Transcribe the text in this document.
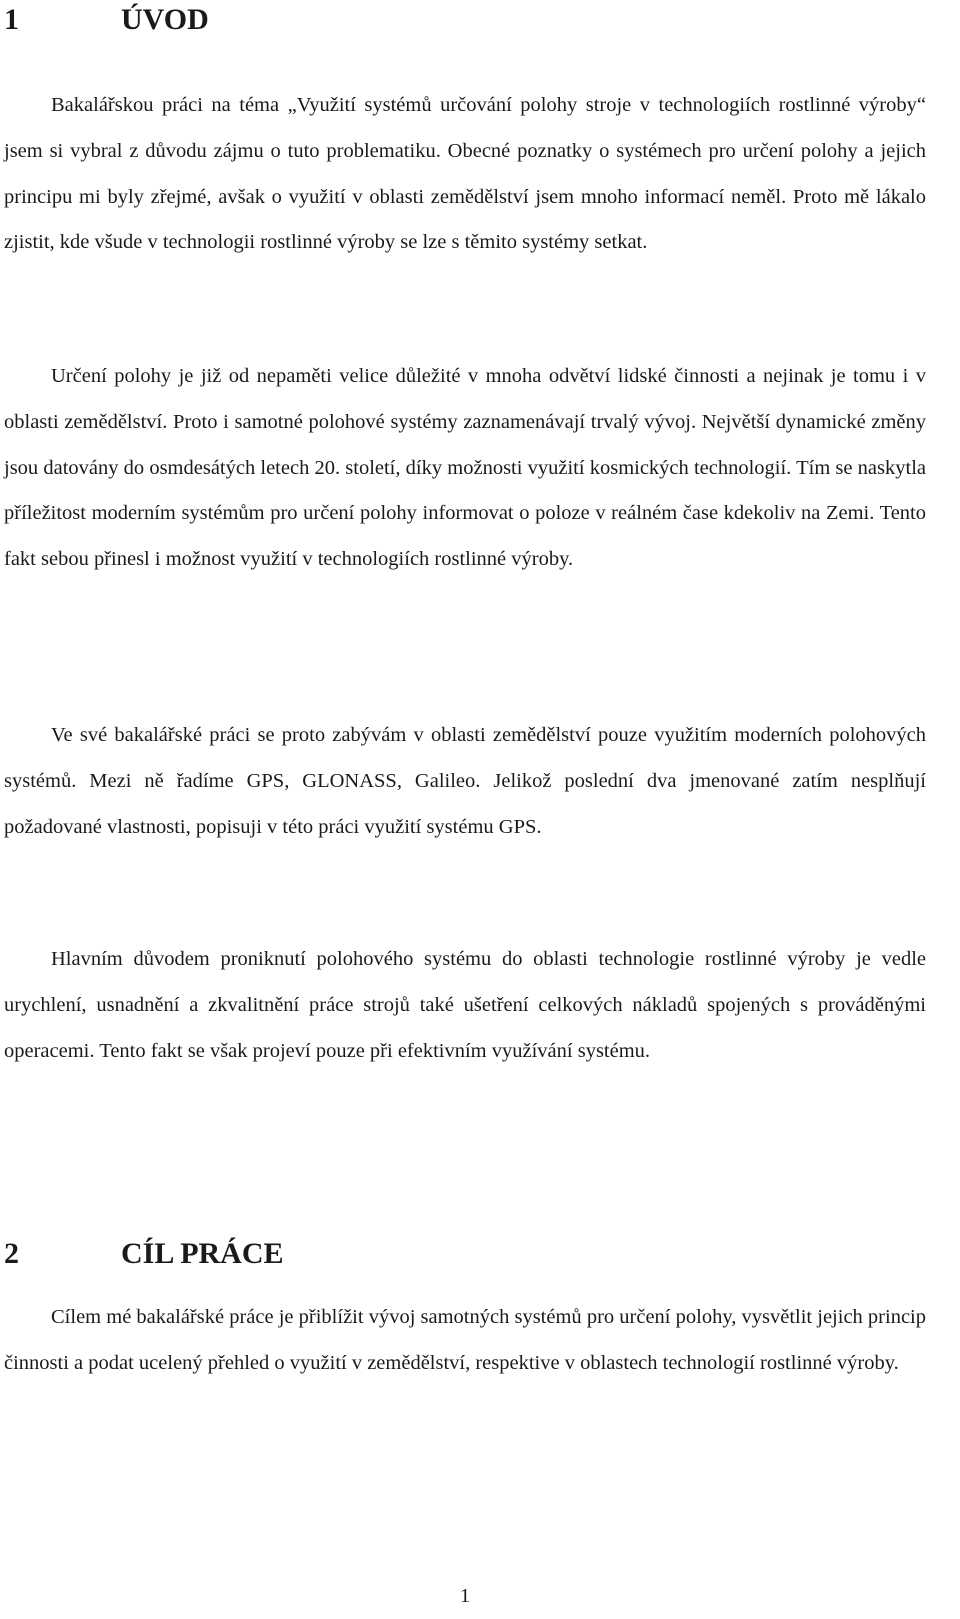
1	ÚVOD

Bakalářskou práci na téma „Využití systémů určování polohy stroje v technologiích rostlinné výroby“ jsem si vybral z důvodu zájmu o tuto problematiku. Obecné poznatky o systémech pro určení polohy a jejich principu mi byly zřejmé, avšak o využití v oblasti zemědělství jsem mnoho informací neměl. Proto mě lákalo zjistit, kde všude v technologii rostlinné výroby se lze s těmito systémy setkat.

Určení polohy je již od nepaměti velice důležité v mnoha odvětví lidské činnosti a nejinak je tomu i v oblasti zemědělství. Proto i samotné polohové systémy zaznamenávají trvalý vývoj. Největší dynamické změny jsou datovány do osmdesátých letech 20. století, díky možnosti využití kosmických technologií. Tím se naskytla příležitost moderním systémům pro určení polohy informovat o poloze v reálném čase kdekoliv na Zemi. Tento fakt sebou přinesl i možnost využití v technologiích rostlinné výroby.

Ve své bakalářské práci se proto zabývám v oblasti zemědělství pouze využitím moderních polohových systémů. Mezi ně řadíme GPS, GLONASS, Galileo. Jelikož poslední dva jmenované zatím nesplňují požadované vlastnosti, popisuji v této práci využití systému GPS.

Hlavním důvodem proniknutí polohového systému do oblasti technologie rostlinné výroby je vedle urychlení, usnadnění a zkvalitnění práce strojů také ušetření celkových nákladů spojených s prováděnými operacemi. Tento fakt se však projeví pouze při efektivním využívání systému.

2	CÍL PRÁCE

Cílem mé bakalářské práce je přiblížit vývoj samotných systémů pro určení polohy, vysvětlit jejich princip činnosti a podat ucelený přehled o využití v zemědělství, respektive v oblastech technologií rostlinné výroby.

1
